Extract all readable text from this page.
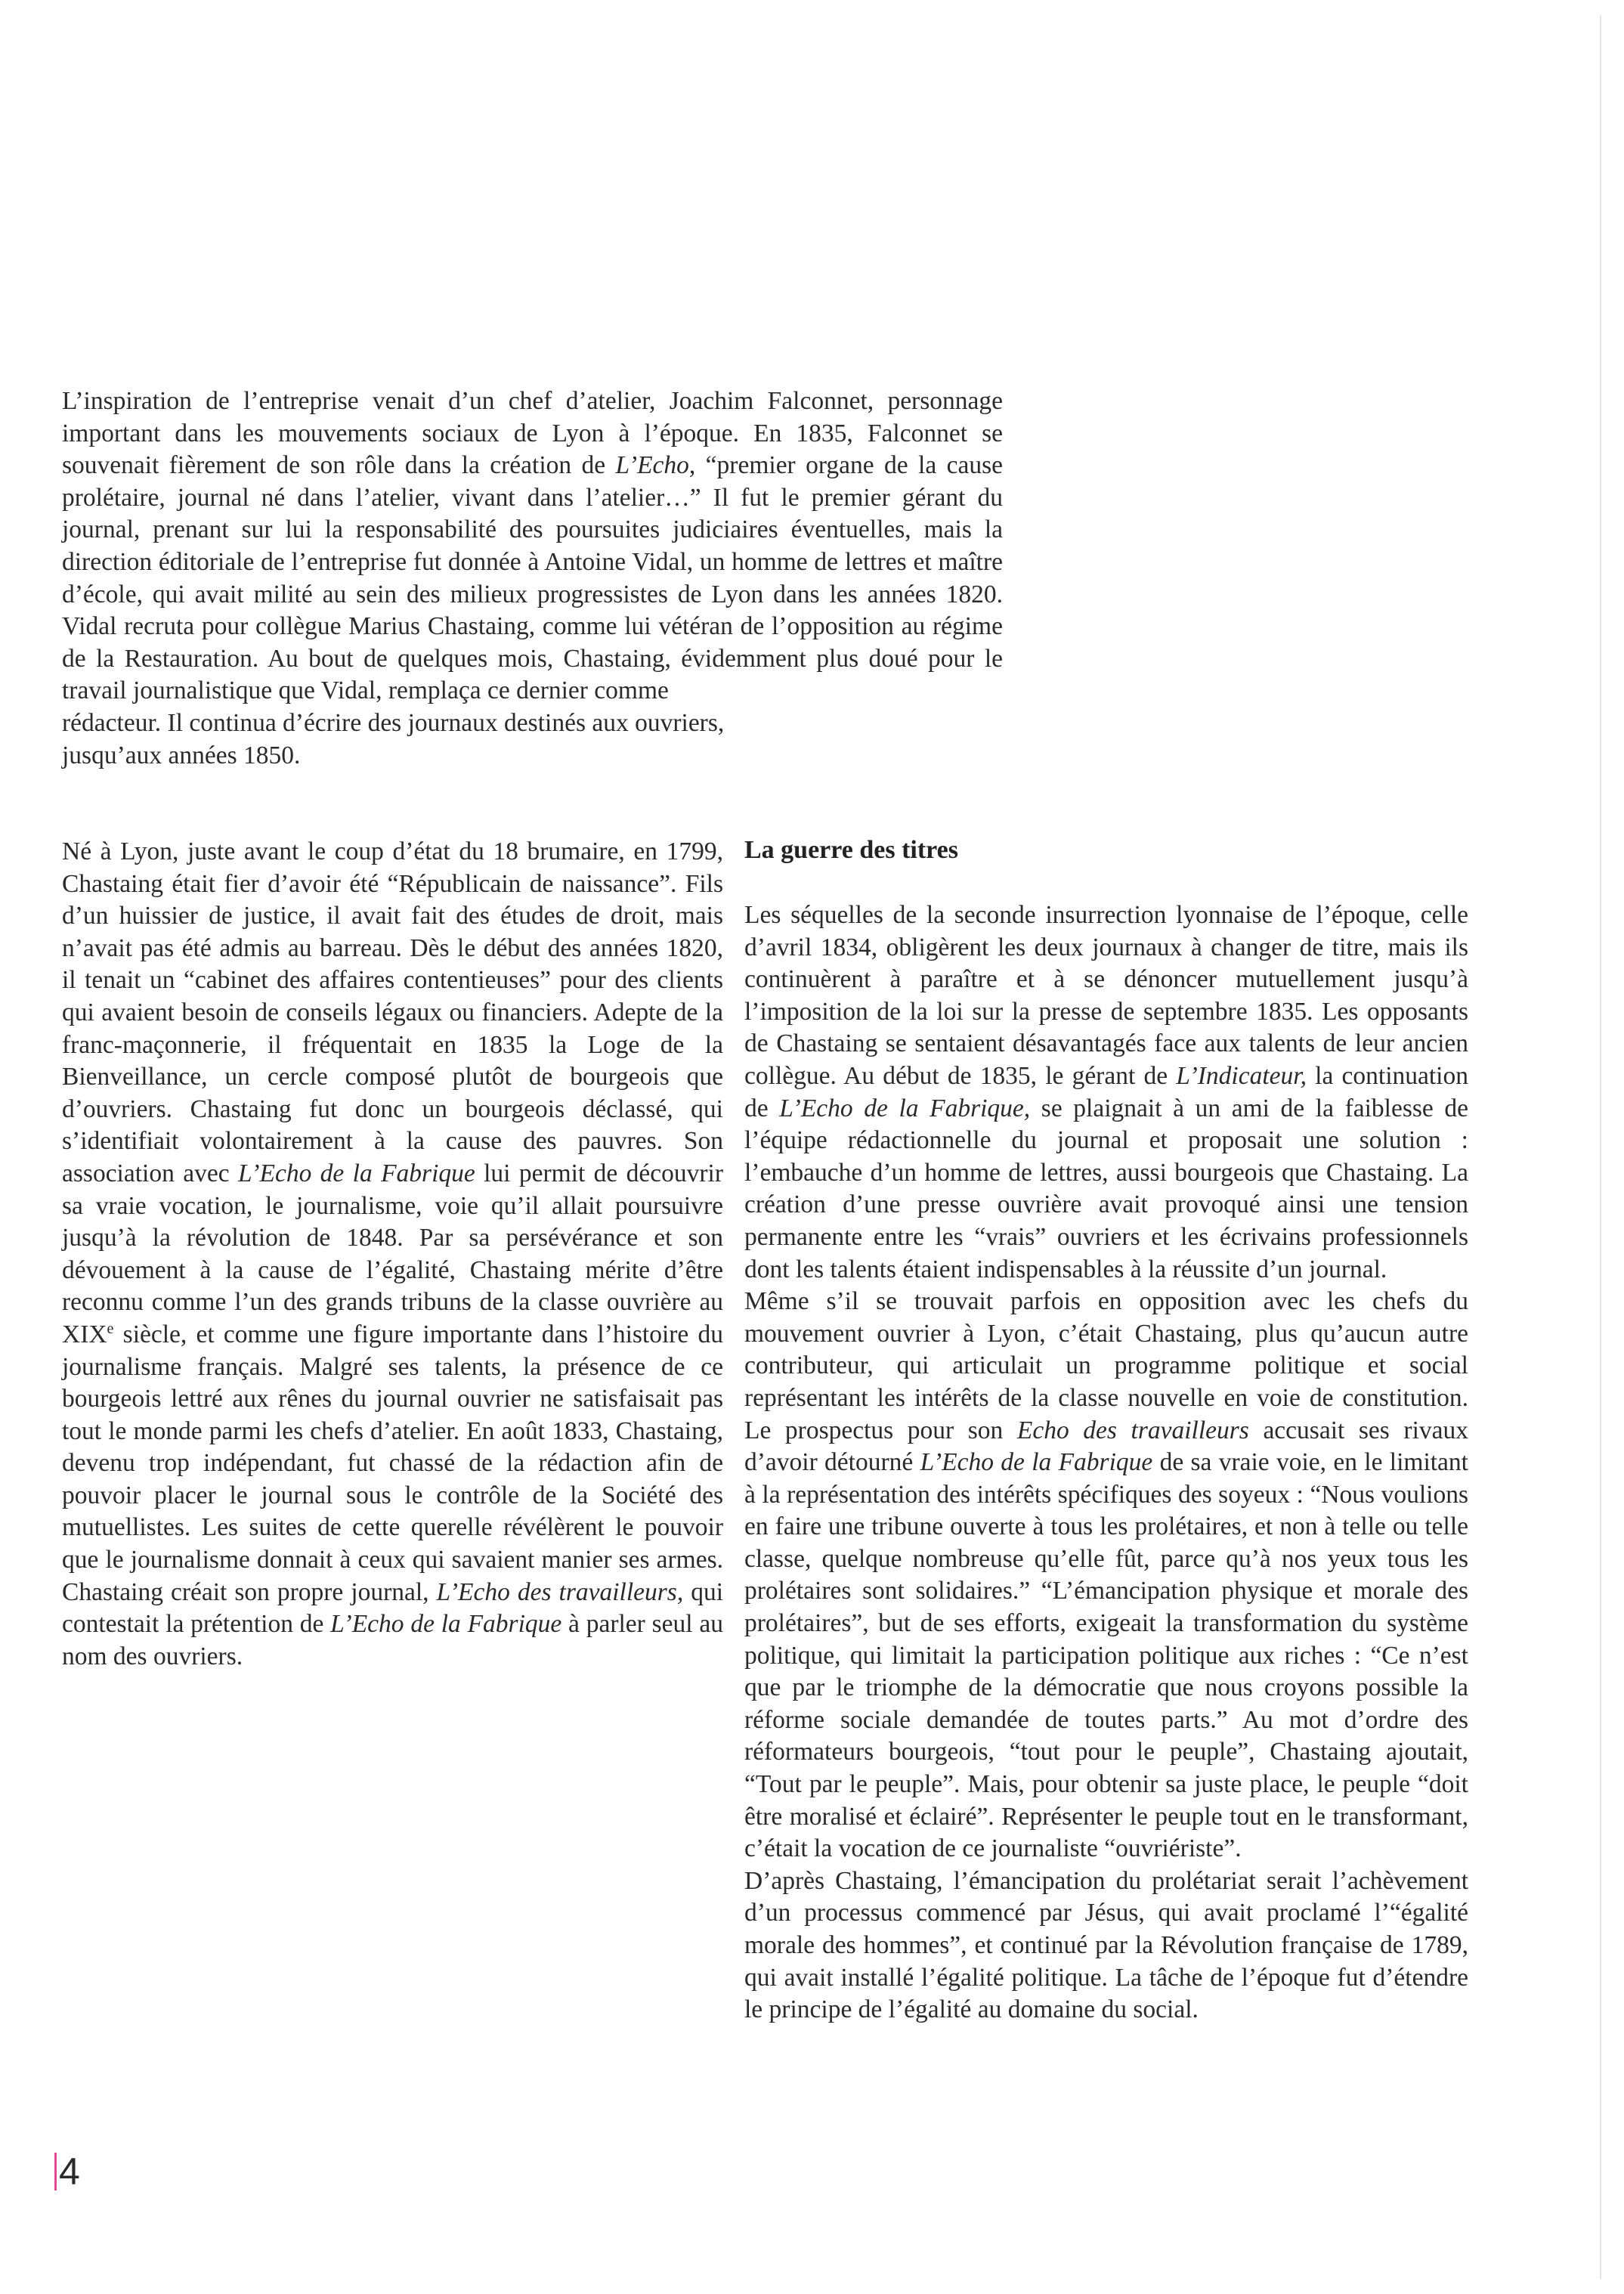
L’inspiration de l’entreprise venait d’un chef d’atelier, Joachim Falconnet, personnage important dans les mouvements sociaux de Lyon à l’époque. En 1835, Falconnet se souvenait fièrement de son rôle dans la création de L’Echo, “premier organe de la cause prolétaire, journal né dans l’atelier, vivant dans l’atelier…” Il fut le premier gérant du journal, prenant sur lui la responsabilité des poursuites judiciaires éventuelles, mais la direction éditoriale de l’entreprise fut donnée à Antoine Vidal, un homme de lettres et maître d’école, qui avait milité au sein des milieux progressistes de Lyon dans les années 1820. Vidal recruta pour collègue Marius Chastaing, comme lui vétéran de l’opposition au régime de la Restauration. Au bout de quelques mois, Chastaing, évidemment plus doué pour le travail journalistique que Vidal, remplaça ce dernier comme

rédacteur. Il continua d’écrire des journaux destinés aux ouvriers, jusqu’aux années 1850.

Né à Lyon, juste avant le coup d’état du 18 brumaire, en 1799, Chastaing était fier d’avoir été “Républicain de naissance”. Fils d’un huissier de justice, il avait fait des études de droit, mais n’avait pas été admis au barreau. Dès le début des années 1820, il tenait un “cabinet des affaires contentieuses” pour des clients qui avaient besoin de conseils légaux ou financiers. Adepte de la franc-maçonnerie, il fréquentait en 1835 la Loge de la Bienveillance, un cercle composé plutôt de bourgeois que d’ouvriers. Chastaing fut donc un bourgeois déclassé, qui s’identifiait volontairement à la cause des pauvres. Son association avec L’Echo de la Fabrique lui permit de découvrir sa vraie vocation, le journalisme, voie qu’il allait poursuivre jusqu’à la révolution de 1848. Par sa persévérance et son dévouement à la cause de l’égalité, Chastaing mérite d’être reconnu comme l’un des grands tribuns de la classe ouvrière au XIXe siècle, et comme une figure importante dans l’histoire du journalisme français. Malgré ses talents, la présence de ce bourgeois lettré aux rênes du journal ouvrier ne satisfaisait pas tout le monde parmi les chefs d’atelier. En août 1833, Chastaing, devenu trop indépendant, fut chassé de la rédaction afin de pouvoir placer le journal sous le contrôle de la Société des mutuellistes. Les suites de cette querelle révélèrent le pouvoir que le journalisme donnait à ceux qui savaient manier ses armes. Chastaing créait son propre journal, L’Echo des travailleurs, qui contestait la prétention de L’Echo de la Fabrique à parler seul au nom des ouvriers.

La guerre des titres

Les séquelles de la seconde insurrection lyonnaise de l’époque, celle d’avril 1834, obligèrent les deux journaux à changer de titre, mais ils continuèrent à paraître et à se dénoncer mutuellement jusqu’à l’imposition de la loi sur la presse de septembre 1835. Les opposants de Chastaing se sentaient désavantagés face aux talents de leur ancien collègue. Au début de 1835, le gérant de L’Indicateur, la continuation de L’Echo de la Fabrique, se plaignait à un ami de la faiblesse de l’équipe rédactionnelle du journal et proposait une solution : l’embauche d’un homme de lettres, aussi bourgeois que Chastaing. La création d’une presse ouvrière avait provoqué ainsi une tension permanente entre les “vrais” ouvriers et les écrivains professionnels dont les talents étaient indispensables à la réussite d’un journal.

Même s’il se trouvait parfois en opposition avec les chefs du mouvement ouvrier à Lyon, c’était Chastaing, plus qu’aucun autre contributeur, qui articulait un programme politique et social représentant les intérêts de la classe nouvelle en voie de constitution. Le prospectus pour son Echo des travailleurs accusait ses rivaux d’avoir détourné L’Echo de la Fabrique de sa vraie voie, en le limitant à la représentation des intérêts spécifiques des soyeux : “Nous voulions en faire une tribune ouverte à tous les prolétaires, et non à telle ou telle classe, quelque nombreuse qu’elle fût, parce qu’à nos yeux tous les prolétaires sont solidaires.” “L’émancipation physique et morale des prolétaires”, but de ses efforts, exigeait la transformation du système politique, qui limitait la participation politique aux riches : “Ce n’est que par le triomphe de la démocratie que nous croyons possible la réforme sociale demandée de toutes parts.” Au mot d’ordre des réformateurs bourgeois, “tout pour le peuple”, Chastaing ajoutait, “Tout par le peuple”. Mais, pour obtenir sa juste place, le peuple “doit être moralisé et éclairé”. Représenter le peuple tout en le transformant, c’était la vocation de ce journaliste “ouvriériste”.

D’après Chastaing, l’émancipation du prolétariat serait l’achèvement d’un processus commencé par Jésus, qui avait proclamé l’“égalité morale des hommes”, et continué par la Révolution française de 1789, qui avait installé l’égalité politique. La tâche de l’époque fut d’étendre le principe de l’égalité au domaine du social.

4
